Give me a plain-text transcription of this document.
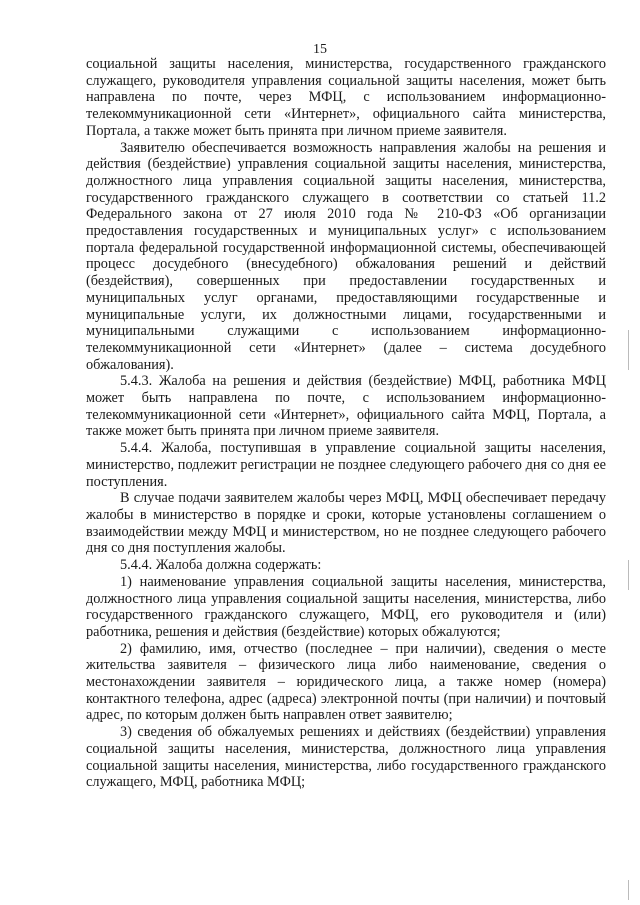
15

социальной защиты населения, министерства, государственного гражданского служащего, руководителя управления социальной защиты населения, может быть направлена по почте, через МФЦ, с использованием информационно-телекоммуникационной сети «Интернет», официального сайта министерства, Портала, а также может быть принята при личном приеме заявителя.

Заявителю обеспечивается возможность направления жалобы на решения и действия (бездействие) управления социальной защиты населения, министерства, должностного лица управления социальной защиты населения, министерства, государственного гражданского служащего в соответствии со статьей 11.2 Федерального закона от 27 июля 2010 года № 210-ФЗ «Об организации предоставления государственных и муниципальных услуг» с использованием портала федеральной государственной информационной системы, обеспечивающей процесс досудебного (внесудебного) обжалования решений и действий (бездействия), совершенных при предоставлении государственных и муниципальных услуг органами, предоставляющими государственные и муниципальные услуги, их должностными лицами, государственными и муниципальными служащими с использованием информационно-телекоммуникационной сети «Интернет» (далее – система досудебного обжалования).

5.4.3. Жалоба на решения и действия (бездействие) МФЦ, работника МФЦ может быть направлена по почте, с использованием информационно-телекоммуникационной сети «Интернет», официального сайта МФЦ, Портала, а также может быть принята при личном приеме заявителя.

5.4.4. Жалоба, поступившая в управление социальной защиты населения, министерство, подлежит регистрации не позднее следующего рабочего дня со дня ее поступления.

В случае подачи заявителем жалобы через МФЦ, МФЦ обеспечивает передачу жалобы в министерство в порядке и сроки, которые установлены соглашением о взаимодействии между МФЦ и министерством, но не позднее следующего рабочего дня со дня поступления жалобы.

5.4.4. Жалоба должна содержать:

1) наименование управления социальной защиты населения, министерства, должностного лица управления социальной защиты населения, министерства, либо государственного гражданского служащего, МФЦ, его руководителя и (или) работника, решения и действия (бездействие) которых обжалуются;

2) фамилию, имя, отчество (последнее – при наличии), сведения о месте жительства заявителя – физического лица либо наименование, сведения о местонахождении заявителя – юридического лица, а также номер (номера) контактного телефона, адрес (адреса) электронной почты (при наличии) и почтовый адрес, по которым должен быть направлен ответ заявителю;

3) сведения об обжалуемых решениях и действиях (бездействии) управления социальной защиты населения, министерства, должностного лица управления социальной защиты населения, министерства, либо государственного гражданского служащего, МФЦ, работника МФЦ;
